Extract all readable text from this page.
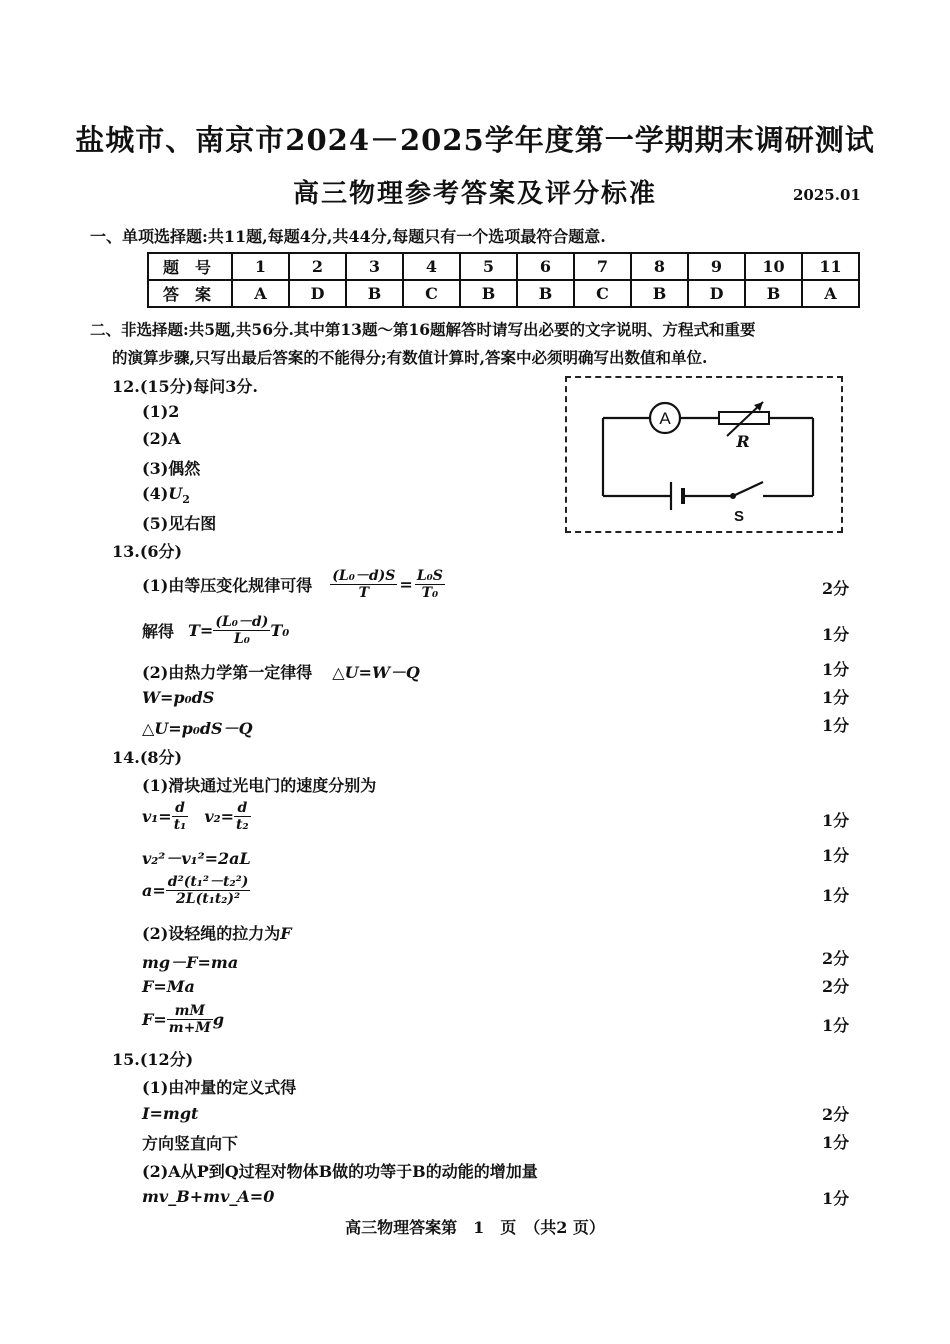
盐城市、南京市2024－2025学年度第一学期期末调研测试
高三物理参考答案及评分标准	2025.01
一、单项选择题:共11题,每题4分,共44分,每题只有一个选项最符合题意.
题号	1	2	3	4	5	6	7	8	9	10	11
答案	A	D	B	C	B	B	C	B	D	B	A
二、非选择题:共5题,共56分.其中第13题～第16题解答时请写出必要的文字说明、方程式和重要
的演算步骤,只写出最后答案的不能得分;有数值计算时,答案中必须明确写出数值和单位.
12.(15分)每问3分.
(1)2
(2)A
(3)偶然
$(4)U_2$
(5)见右图
A
R
S
13.(6分)
(1)由等压变化规律可得 $\frac{\text{(L₀－d)S}}{T} = \frac{\text{L₀S}}{\text{T₀}}$	2分
解得 $T= \frac{\text{(L₀－d)}}{\text{L₀}} T_0$	1分
(2)由热力学第一定律得 △U=W－Q	1分
W=p₀dS	1分
△U=p₀dS－Q	1分
14.(8分)
(1)滑块通过光电门的速度分别为
$v_1= \frac{d}{\text{t₁}} v_2= \frac{d}{\text{t₂}}$	1分
v₂²－v₁²=2aL	1分
$a= \frac{\text{d²(t₁²－t₂²)}}{\text{2L(t₁t₂)²}}$	1分
(2)设轻绳的拉力为F
mg－F=ma	2分
F=Ma	2分
$F= \frac{mM}{m+M}$ g	1分
15.(12分)
(1)由冲量的定义式得
I=mgt	2分
方向竖直向下	1分
(2)A从P到Q过程对物体B做的功等于B的动能的增加量
mv_B+mv_A=0	1分
高三物理答案第　1　页　（共2 页）
